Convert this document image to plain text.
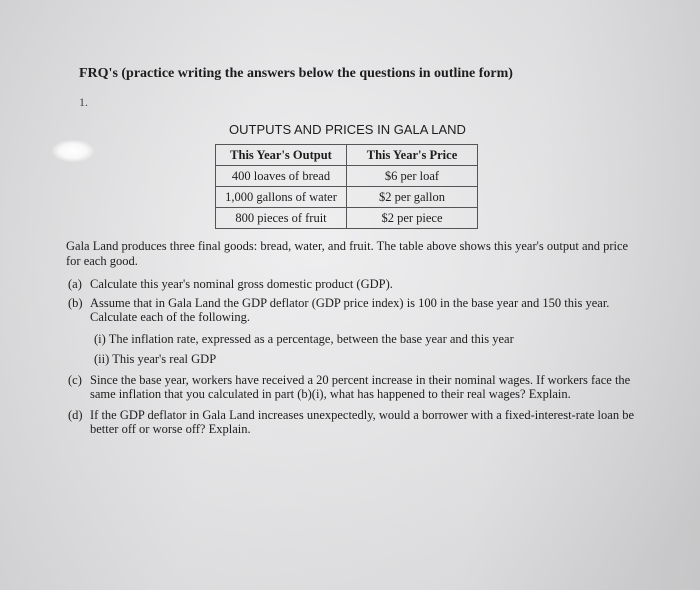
FRQ's (practice writing the answers below the questions in outline form)
1.
OUTPUTS AND PRICES IN GALA LAND
This Year's Output	This Year's Price
400 loaves of bread	$6 per loaf
1,000 gallons of water	$2 per gallon
800 pieces of fruit	$2 per piece
Gala Land produces three final goods: bread, water, and fruit. The table above shows this year's output and price for each good.
(a) Calculate this year's nominal gross domestic product (GDP).
(b) Assume that in Gala Land the GDP deflator (GDP price index) is 100 in the base year and 150 this year. Calculate each of the following.
(i) The inflation rate, expressed as a percentage, between the base year and this year
(ii) This year's real GDP
(c) Since the base year, workers have received a 20 percent increase in their nominal wages. If workers face the same inflation that you calculated in part (b)(i), what has happened to their real wages? Explain.
(d) If the GDP deflator in Gala Land increases unexpectedly, would a borrower with a fixed-interest-rate loan be better off or worse off? Explain.
